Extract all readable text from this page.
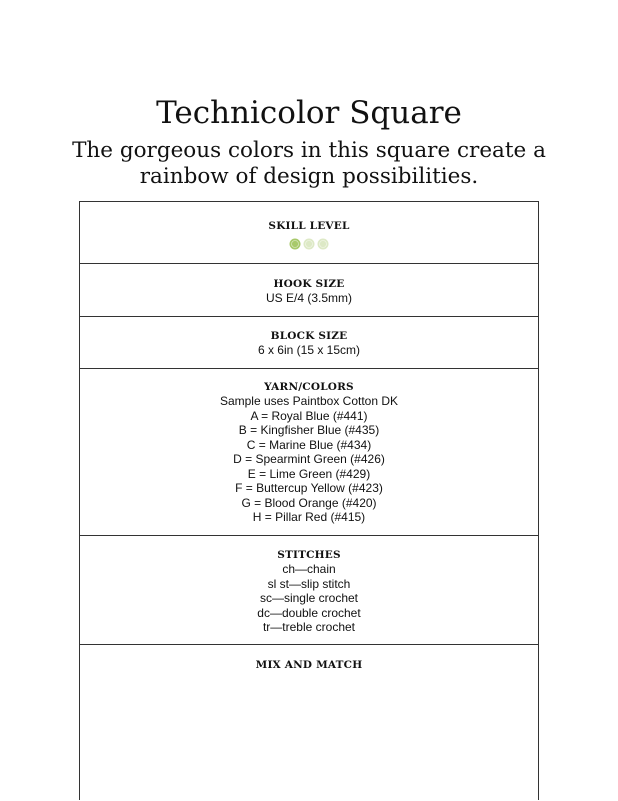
Technicolor Square

The gorgeous colors in this square create a rainbow of design possibilities.

SKILL LEVEL
HOOK SIZE
US E/4 (3.5mm)
BLOCK SIZE
6 x 6in (15 x 15cm)
YARN/COLORS
Sample uses Paintbox Cotton DK
A = Royal Blue (#441)
B = Kingfisher Blue (#435)
C = Marine Blue (#434)
D = Spearmint Green (#426)
E = Lime Green (#429)
F = Buttercup Yellow (#423)
G = Blood Orange (#420)
H = Pillar Red (#415)
STITCHES
ch—chain
sl st—slip stitch
sc—single crochet
dc—double crochet
tr—treble crochet
MIX AND MATCH
